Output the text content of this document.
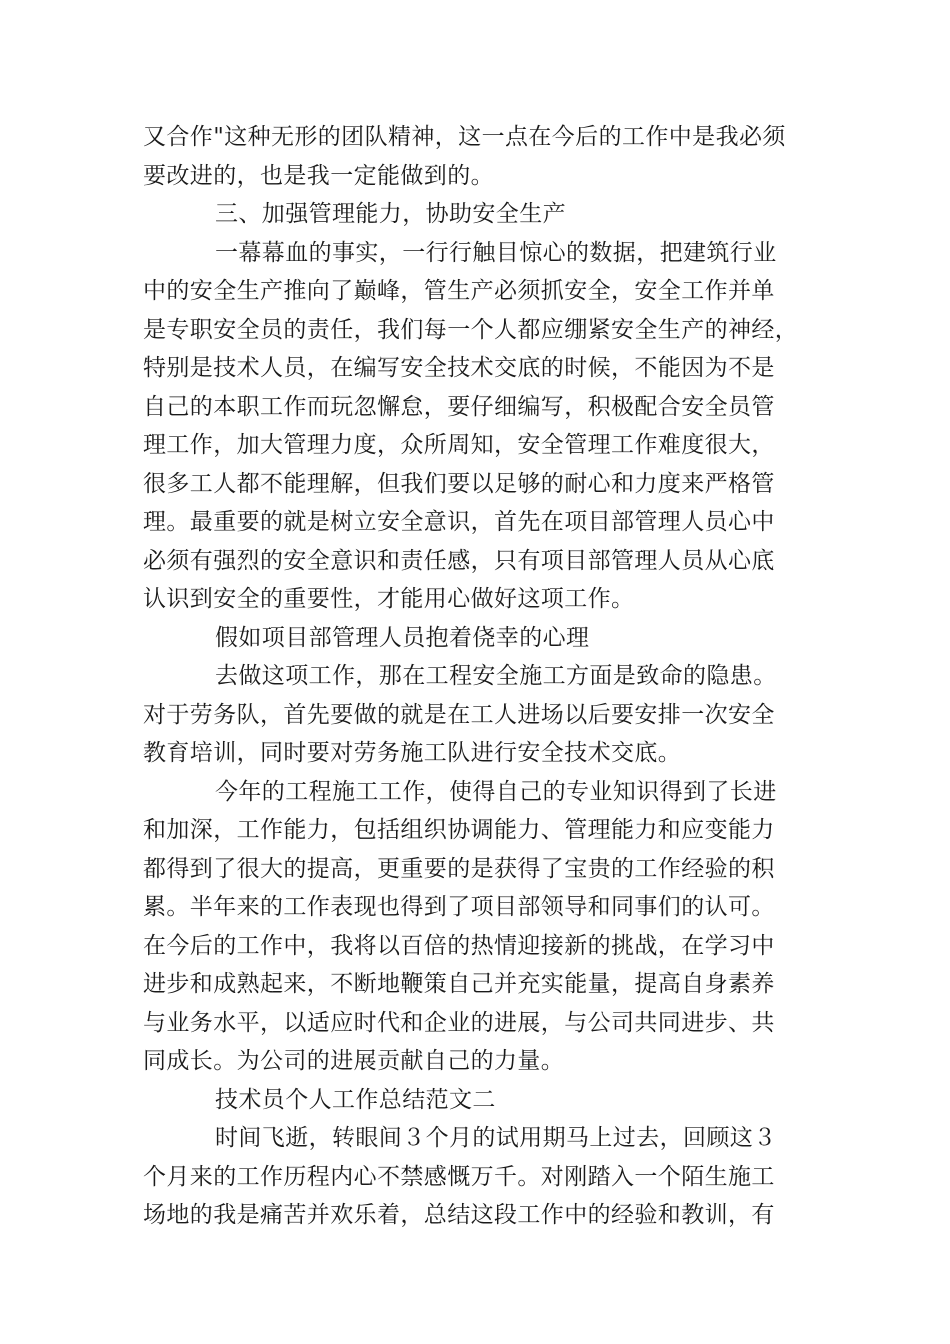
又合作"这种无形的团队精神，这一点在今后的工作中是我必须

要改进的，也是我一定能做到的。

三、加强管理能力，协助安全生产

一幕幕血的事实，一行行触目惊心的数据，把建筑行业

中的安全生产推向了巅峰，管生产必须抓安全，安全工作并单

是专职安全员的责任，我们每一个人都应绷紧安全生产的神经，

特别是技术人员，在编写安全技术交底的时候，不能因为不是

自己的本职工作而玩忽懈怠，要仔细编写，积极配合安全员管

理工作，加大管理力度，众所周知，安全管理工作难度很大，

很多工人都不能理解，但我们要以足够的耐心和力度来严格管

理。最重要的就是树立安全意识，首先在项目部管理人员心中

必须有强烈的安全意识和责任感，只有项目部管理人员从心底

认识到安全的重要性，才能用心做好这项工作。

假如项目部管理人员抱着侥幸的心理

去做这项工作，那在工程安全施工方面是致命的隐患。

对于劳务队，首先要做的就是在工人进场以后要安排一次安全

教育培训，同时要对劳务施工队进行安全技术交底。

今年的工程施工工作，使得自己的专业知识得到了长进

和加深，工作能力，包括组织协调能力、管理能力和应变能力

都得到了很大的提高，更重要的是获得了宝贵的工作经验的积

累。半年来的工作表现也得到了项目部领导和同事们的认可。

在今后的工作中，我将以百倍的热情迎接新的挑战，在学习中

进步和成熟起来，不断地鞭策自己并充实能量，提高自身素养

与业务水平，以适应时代和企业的进展，与公司共同进步、共

同成长。为公司的进展贡献自己的力量。

技术员个人工作总结范文二

时间飞逝，转眼间３个月的试用期马上过去，回顾这３

个月来的工作历程内心不禁感慨万千。对刚踏入一个陌生施工

场地的我是痛苦并欢乐着，总结这段工作中的经验和教训，有
